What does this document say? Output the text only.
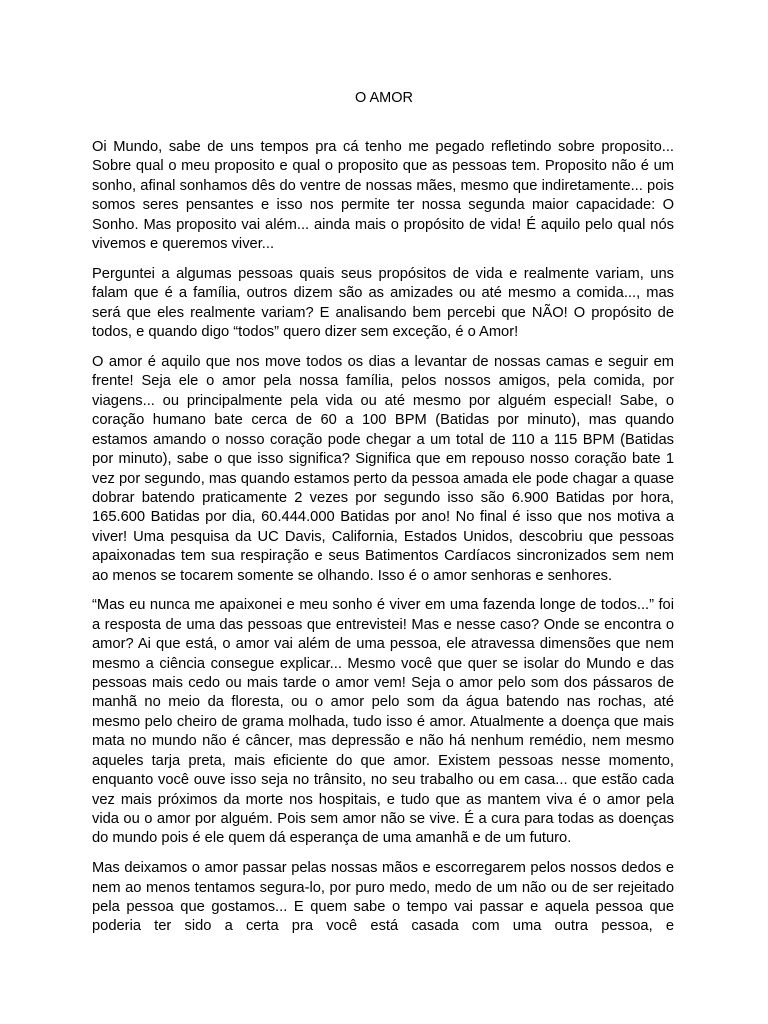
O AMOR

Oi Mundo, sabe de uns tempos pra cá tenho me pegado refletindo sobre proposito... Sobre qual o meu proposito e qual o proposito que as pessoas tem. Proposito não é um sonho, afinal sonhamos dês do ventre de nossas mães, mesmo que indiretamente... pois somos seres pensantes e isso nos permite ter nossa segunda maior capacidade: O Sonho. Mas proposito vai além... ainda mais o propósito de vida! É aquilo pelo qual nós vivemos e queremos viver...

Perguntei a algumas pessoas quais seus propósitos de vida e realmente variam, uns falam que é a família, outros dizem são as amizades ou até mesmo a comida..., mas será que eles realmente variam? E analisando bem percebi que NÃO! O propósito de todos, e quando digo “todos” quero dizer sem exceção, é o Amor!

O amor é aquilo que nos move todos os dias a levantar de nossas camas e seguir em frente! Seja ele o amor pela nossa família, pelos nossos amigos, pela comida, por viagens... ou principalmente pela vida ou até mesmo por alguém especial! Sabe, o coração humano bate cerca de 60 a 100 BPM (Batidas por minuto), mas quando estamos amando o nosso coração pode chegar a um total de 110 a 115 BPM (Batidas por minuto), sabe o que isso significa? Significa que em repouso nosso coração bate 1 vez por segundo, mas quando estamos perto da pessoa amada ele pode chagar a quase dobrar batendo praticamente 2 vezes por segundo isso são 6.900 Batidas por hora, 165.600 Batidas por dia, 60.444.000 Batidas por ano! No final é isso que nos motiva a viver! Uma pesquisa da UC Davis, California, Estados Unidos, descobriu que pessoas apaixonadas tem sua respiração e seus Batimentos Cardíacos sincronizados sem nem ao menos se tocarem somente se olhando. Isso é o amor senhoras e senhores.

“Mas eu nunca me apaixonei e meu sonho é viver em uma fazenda longe de todos...” foi a resposta de uma das pessoas que entrevistei! Mas e nesse caso? Onde se encontra o amor? Ai que está, o amor vai além de uma pessoa, ele atravessa dimensões que nem mesmo a ciência consegue explicar... Mesmo você que quer se isolar do Mundo e das pessoas mais cedo ou mais tarde o amor vem! Seja o amor pelo som dos pássaros de manhã no meio da floresta, ou o amor pelo som da água batendo nas rochas, até mesmo pelo cheiro de grama molhada, tudo isso é amor. Atualmente a doença que mais mata no mundo não é câncer, mas depressão e não há nenhum remédio, nem mesmo aqueles tarja preta, mais eficiente do que amor. Existem pessoas nesse momento, enquanto você ouve isso seja no trânsito, no seu trabalho ou em casa... que estão cada vez mais próximos da morte nos hospitais, e tudo que as mantem viva é o amor pela vida ou o amor por alguém. Pois sem amor não se vive. É a cura para todas as doenças do mundo pois é ele quem dá esperança de uma amanhã e de um futuro.

Mas deixamos o amor passar pelas nossas mãos e escorregarem pelos nossos dedos e nem ao menos tentamos segura-lo, por puro medo, medo de um não ou de ser rejeitado pela pessoa que gostamos... E quem sabe o tempo vai passar e aquela pessoa que poderia ter sido a certa pra você está casada com uma outra pessoa, e
